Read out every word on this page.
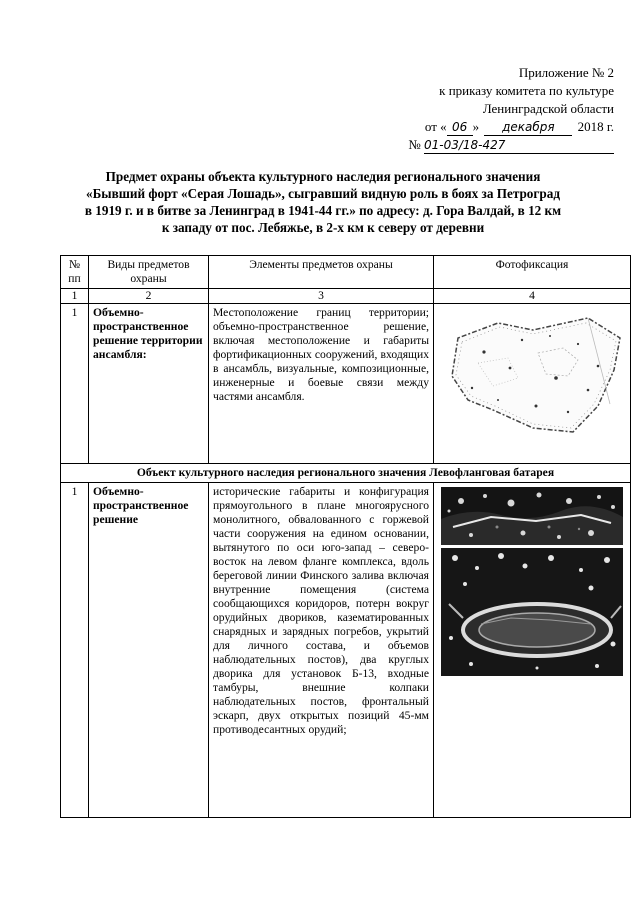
Приложение № 2
к приказу комитета по культуре
Ленинградской области
от « 06 » декабря 2018 г.
№ 01-03/18-427
Предмет охраны объекта культурного наследия регионального значения
«Бывший форт «Серая Лошадь», сыгравший видную роль в боях за Петроград
в 1919 г. и в битве за Ленинград в 1941-44 гг.» по адресу: д. Гора Валдай, в 12 км
к западу от пос. Лебяжье, в 2-х км к северу от деревни
№ пп	Виды предметов охраны	Элементы предметов охраны	Фотофиксация
1	2	3	4
1	Объемно-пространственное решение территории ансамбля:	Местоположение границ территории; объемно-пространственное решение, включая местоположение и габариты фортификационных сооружений, входящих в ансамбль, визуальные, композиционные, инженерные и боевые связи между частями ансамбля.	

Объект культурного наследия регионального значения Левофланговая батарея			
1	Объемно-пространственное решение	исторические габариты и конфигурация прямоугольного в плане многоярусного монолитного, обвалованного с горжевой части сооружения на едином основании, вытянутого по оси юго-запад – северо-восток на левом фланге комплекса, вдоль береговой линии Финского залива включая внутренние помещения (система сообщающихся коридоров, потерн вокруг орудийных двориков, казематированных снарядных и зарядных погребов, укрытий для личного состава, и объемов наблюдательных постов), два круглых дворика для установок Б-13, входные тамбуры, внешние колпаки наблюдательных постов, фронтальный эскарп, двух открытых позиций 45-мм противодесантных орудий;	
